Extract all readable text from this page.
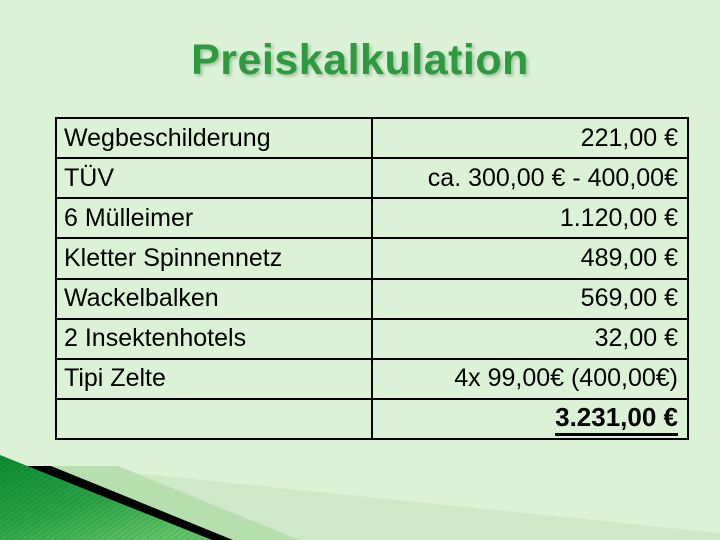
Preiskalkulation
Wegbeschilderung	221,00 €
TÜV	ca. 300,00 € - 400,00€
6 Mülleimer	1.120,00 €
Kletter Spinnennetz	489,00 €
Wackelbalken	569,00 €
2 Insektenhotels	32,00 €
Tipi Zelte	4x 99,00€ (400,00€)
	3.231,00 €
